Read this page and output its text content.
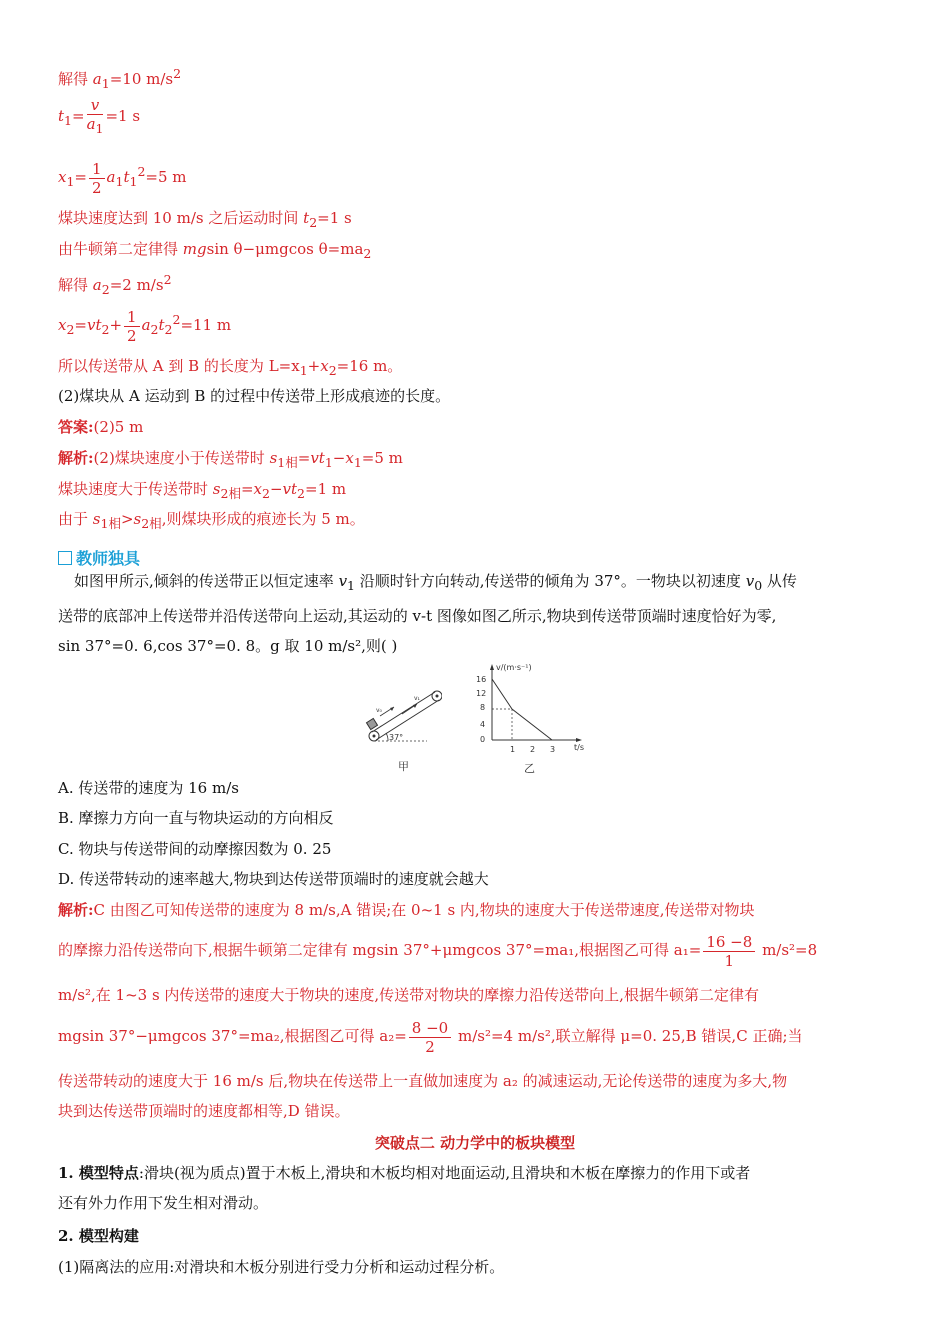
解得 $a_1=10$ $m/s^2$
$t_1= \frac{v}{a_1} =1$ s
$x_1= \frac{1}{2} a_1t_1^2=5$ m
煤块速度达到 10 m/s 之后运动时间 $t_2=1$ s
由牛顿第二定律得 mgsin θ−μmgcos $\theta=ma_2$
解得 $a_2=2$ $m/s^2$
$x_2=vt_2+ \frac{1}{2} a_2t_2^2=11$ m
所以传送带从 A 到 B 的长度为 $L=x_1+x_2=16$ m。
(2)煤块从 A 运动到 B 的过程中传送带上形成痕迹的长度。
答案:(2)5 m
解析:(2)煤块速度小于传送带时 $s_{1相}=vt_1-x_1=5$ m
煤块速度大于传送带时 $s_{2相}=x_2-vt_2=1$ m
由于 $s_{1相}>s_{2相}$,则煤块形成的痕迹长为 5 m。
教师独具
如图甲所示,倾斜的传送带正以恒定速率 $v_1$ 沿顺时针方向转动,传送带的倾角为 37°。一物块以初速度 $v_0$ 从传
送带的底部冲上传送带并沿传送带向上运动,其运动的 v-t 图像如图乙所示,物块到传送带顶端时速度恰好为零,
sin 37°=0. 6,cos 37°=0. 8。g 取 10 m/s²,则( )
v₀
v₁
37°
甲
v/(m·s⁻¹)
t/s
16
12
8
4
0
1 2 3
乙
A. 传送带的速度为 16 m/s
B. 摩擦力方向一直与物块运动的方向相反
C. 物块与传送带间的动摩擦因数为 0. 25
D. 传送带转动的速率越大,物块到达传送带顶端时的速度就会越大
解析:C 由图乙可知传送带的速度为 8 m/s,A 错误;在 0~1 s 内,物块的速度大于传送带速度,传送带对物块
的摩擦力沿传送带向下,根据牛顿第二定律有 mgsin 37°+μmgcos 37°=ma₁,根据图乙可得 $a_1= \frac{16 -8}{1} m/s^2=8$
m/s²,在 1~3 s 内传送带的速度大于物块的速度,传送带对物块的摩擦力沿传送带向上,根据牛顿第二定律有
mgsin 37°−μmgcos 37°=ma₂,根据图乙可得 $a_2= \frac{8 -0}{2} m/s^2=4$ m/s²,联立解得 μ=0. 25,B 错误,C 正确;当
传送带转动的速度大于 16 m/s 后,物块在传送带上一直做加速度为 a₂ 的减速运动,无论传送带的速度为多大,物
块到达传送带顶端时的速度都相等,D 错误。
突破点二 动力学中的板块模型
1. 模型特点:滑块(视为质点)置于木板上,滑块和木板均相对地面运动,且滑块和木板在摩擦力的作用下或者
还有外力作用下发生相对滑动。
2. 模型构建
(1)隔离法的应用:对滑块和木板分别进行受力分析和运动过程分析。
